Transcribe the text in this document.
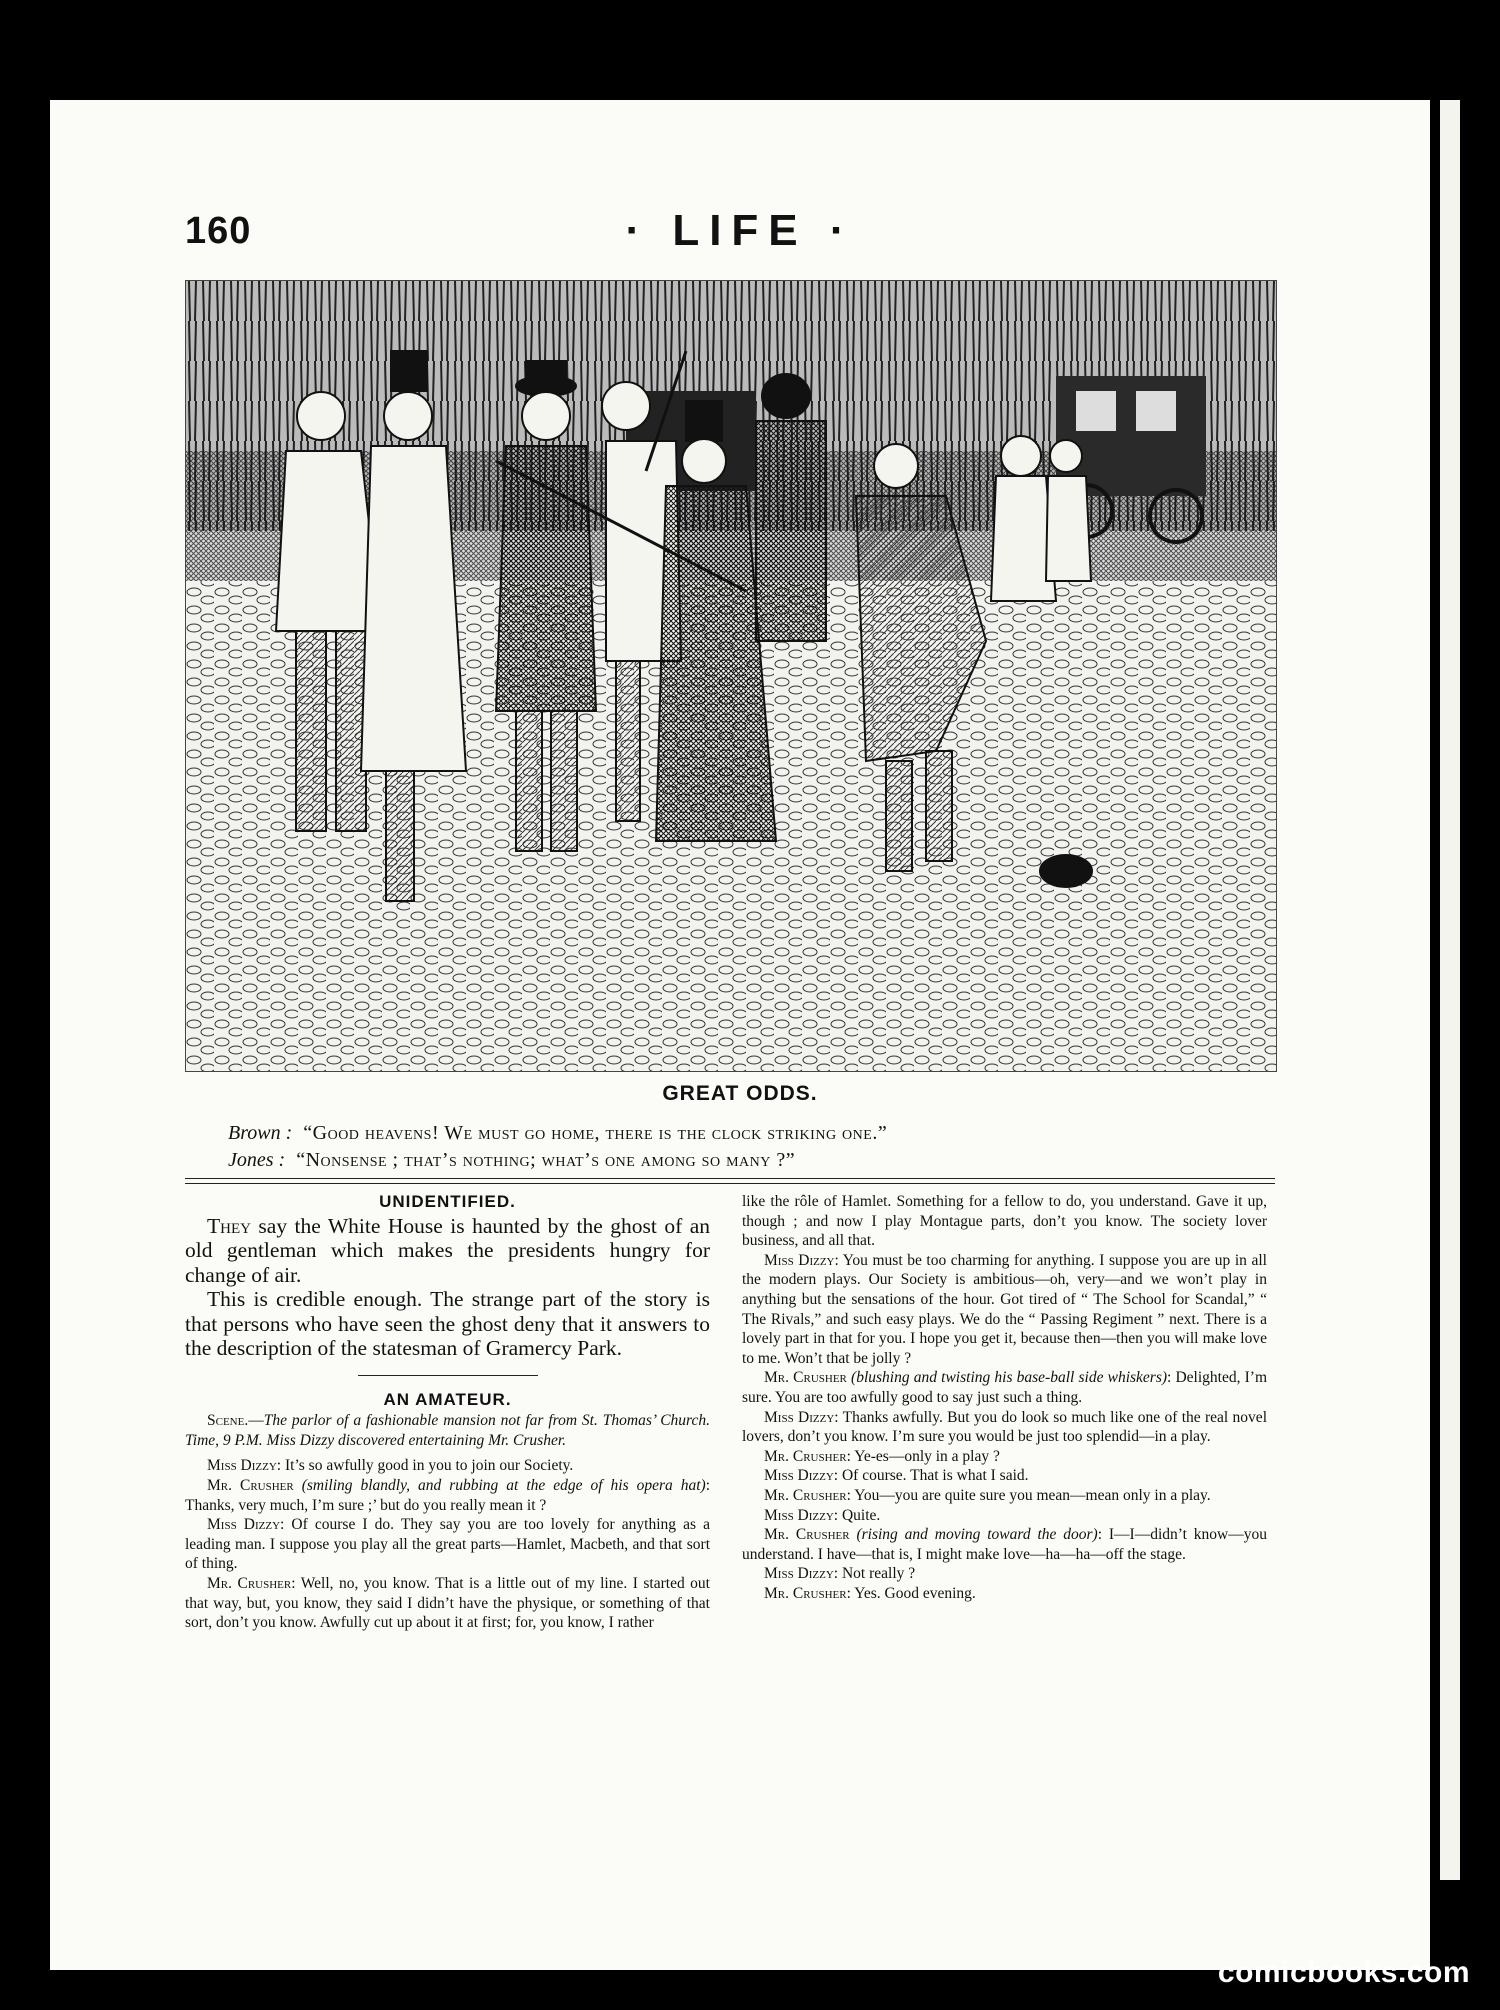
160	· LIFE ·
GREAT ODDS.
Brown : “Good heavens! We must go home, there is the clock striking one.”
Jones : “Nonsense ; that’s nothing; what’s one among so many ?”

UNIDENTIFIED.

They say the White House is haunted by the ghost of an old gentleman which makes the presidents hungry for change of air.

This is credible enough. The strange part of the story is that persons who have seen the ghost deny that it answers to the description of the statesman of Gramercy Park.

AN AMATEUR.

Scene.—The parlor of a fashionable mansion not far from St. Thomas’ Church. Time, 9 P.M. Miss Dizzy discovered entertaining Mr. Crusher.

Miss Dizzy: It’s so awfully good in you to join our Society.

Mr. Crusher (smiling blandly, and rubbing at the edge of his opera hat): Thanks, very much, I’m sure ;’ but do you really mean it ?

Miss Dizzy: Of course I do. They say you are too lovely for anything as a leading man. I suppose you play all the great parts—Hamlet, Macbeth, and that sort of thing.

Mr. Crusher: Well, no, you know. That is a little out of my line. I started out that way, but, you know, they said I didn’t have the physique, or something of that sort, don’t you know. Awfully cut up about it at first; for, you know, I rather

like the rôle of Hamlet. Something for a fellow to do, you understand. Gave it up, though ; and now I play Montague parts, don’t you know. The society lover business, and all that.

Miss Dizzy: You must be too charming for anything. I suppose you are up in all the modern plays. Our Society is ambitious—oh, very—and we won’t play in anything but the sensations of the hour. Got tired of “ The School for Scandal,” “ The Rivals,” and such easy plays. We do the “ Passing Regiment ” next. There is a lovely part in that for you. I hope you get it, because then—then you will make love to me. Won’t that be jolly ?

Mr. Crusher (blushing and twisting his base-ball side whiskers): Delighted, I’m sure. You are too awfully good to say just such a thing.

Miss Dizzy: Thanks awfully. But you do look so much like one of the real novel lovers, don’t you know. I’m sure you would be just too splendid—in a play.

Mr. Crusher: Ye-es—only in a play ?

Miss Dizzy: Of course. That is what I said.

Mr. Crusher: You—you are quite sure you mean—mean only in a play.

Miss Dizzy: Quite.

Mr. Crusher (rising and moving toward the door): I—I—didn’t know—you understand. I have—that is, I might make love—ha—ha—off the stage.

Miss Dizzy: Not really ?

Mr. Crusher: Yes. Good evening.

comicbooks.com
